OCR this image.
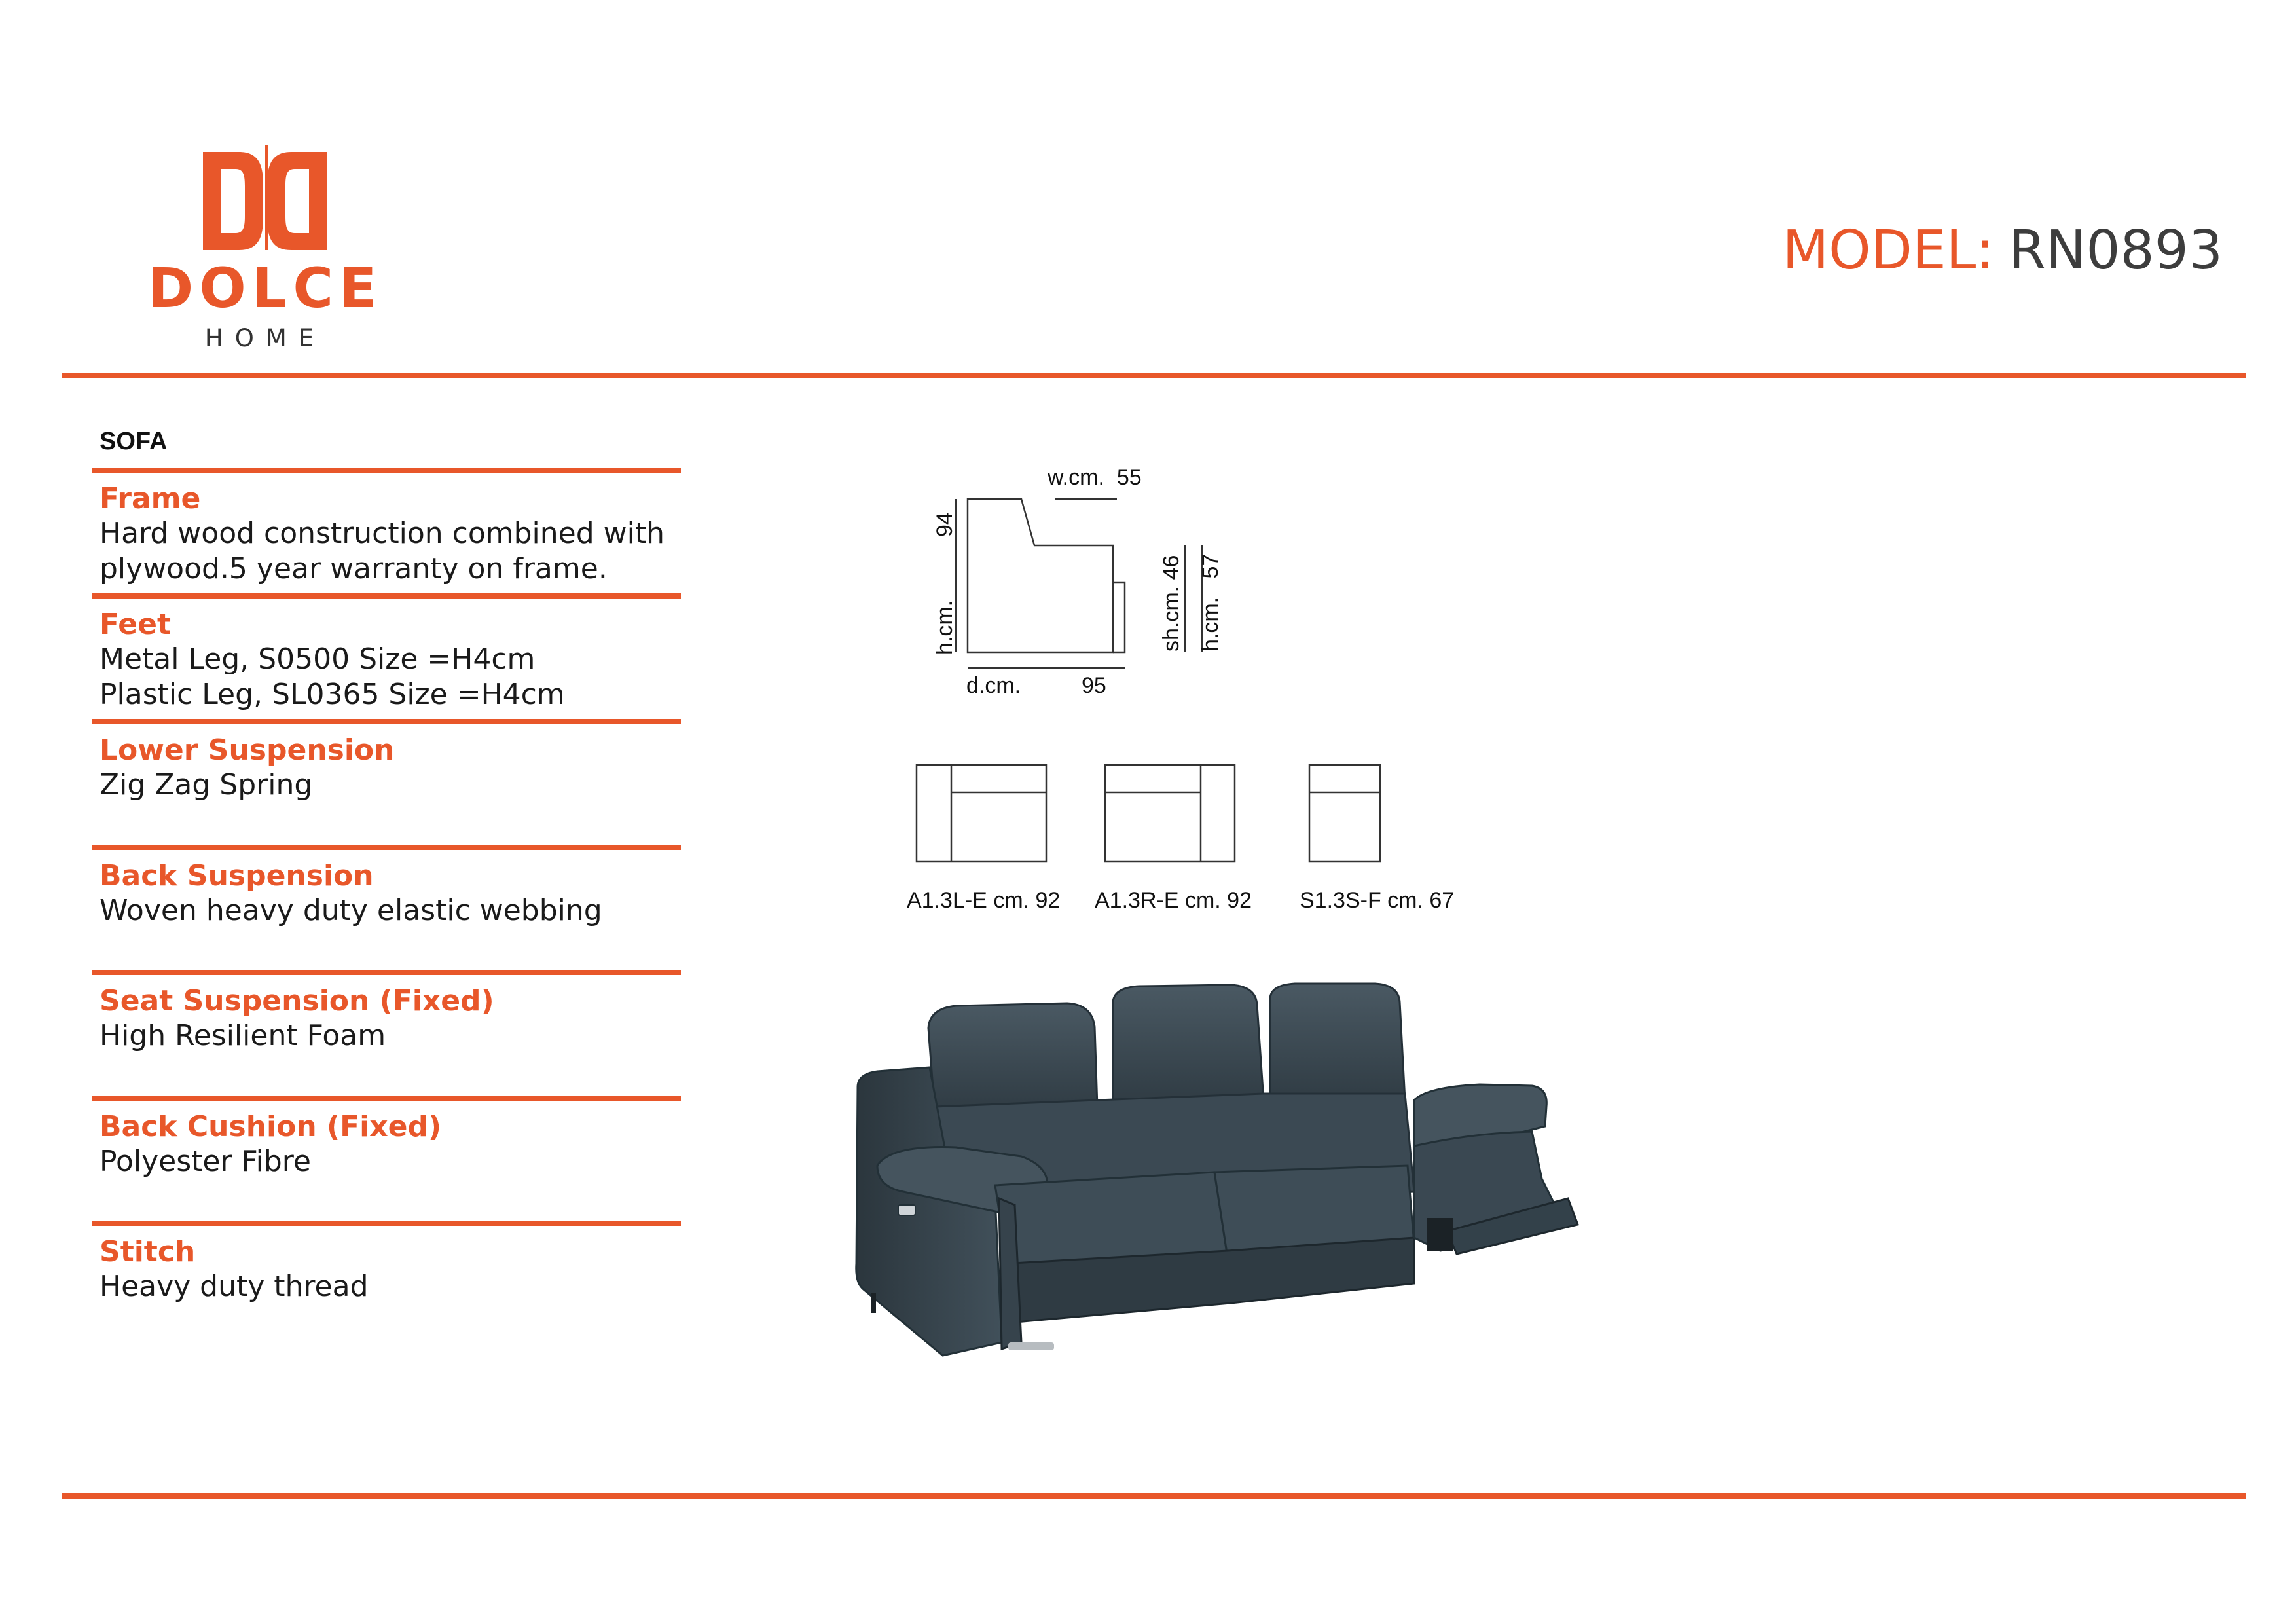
DOLCE
HOME
MODEL: RN0893
SOFA
Frame
Hard wood construction combined with
plywood.5 year warranty on frame.
Feet
Metal Leg, S0500 Size =H4cm
Plastic Leg, SL0365 Size =H4cm
Lower Suspension
Zig Zag Spring
Back Suspension
Woven heavy duty elastic webbing
Seat Suspension (Fixed)
High Resilient Foam
Back Cushion (Fixed)
Polyester Fibre
Stitch
Heavy duty thread
w.cm. 55
94
h.cm.	sh.cm. 46
h.cm.   57
d.cm.	95
A1.3L-E cm. 92 A1.3R-E cm. 92 S1.3S-F cm. 67
